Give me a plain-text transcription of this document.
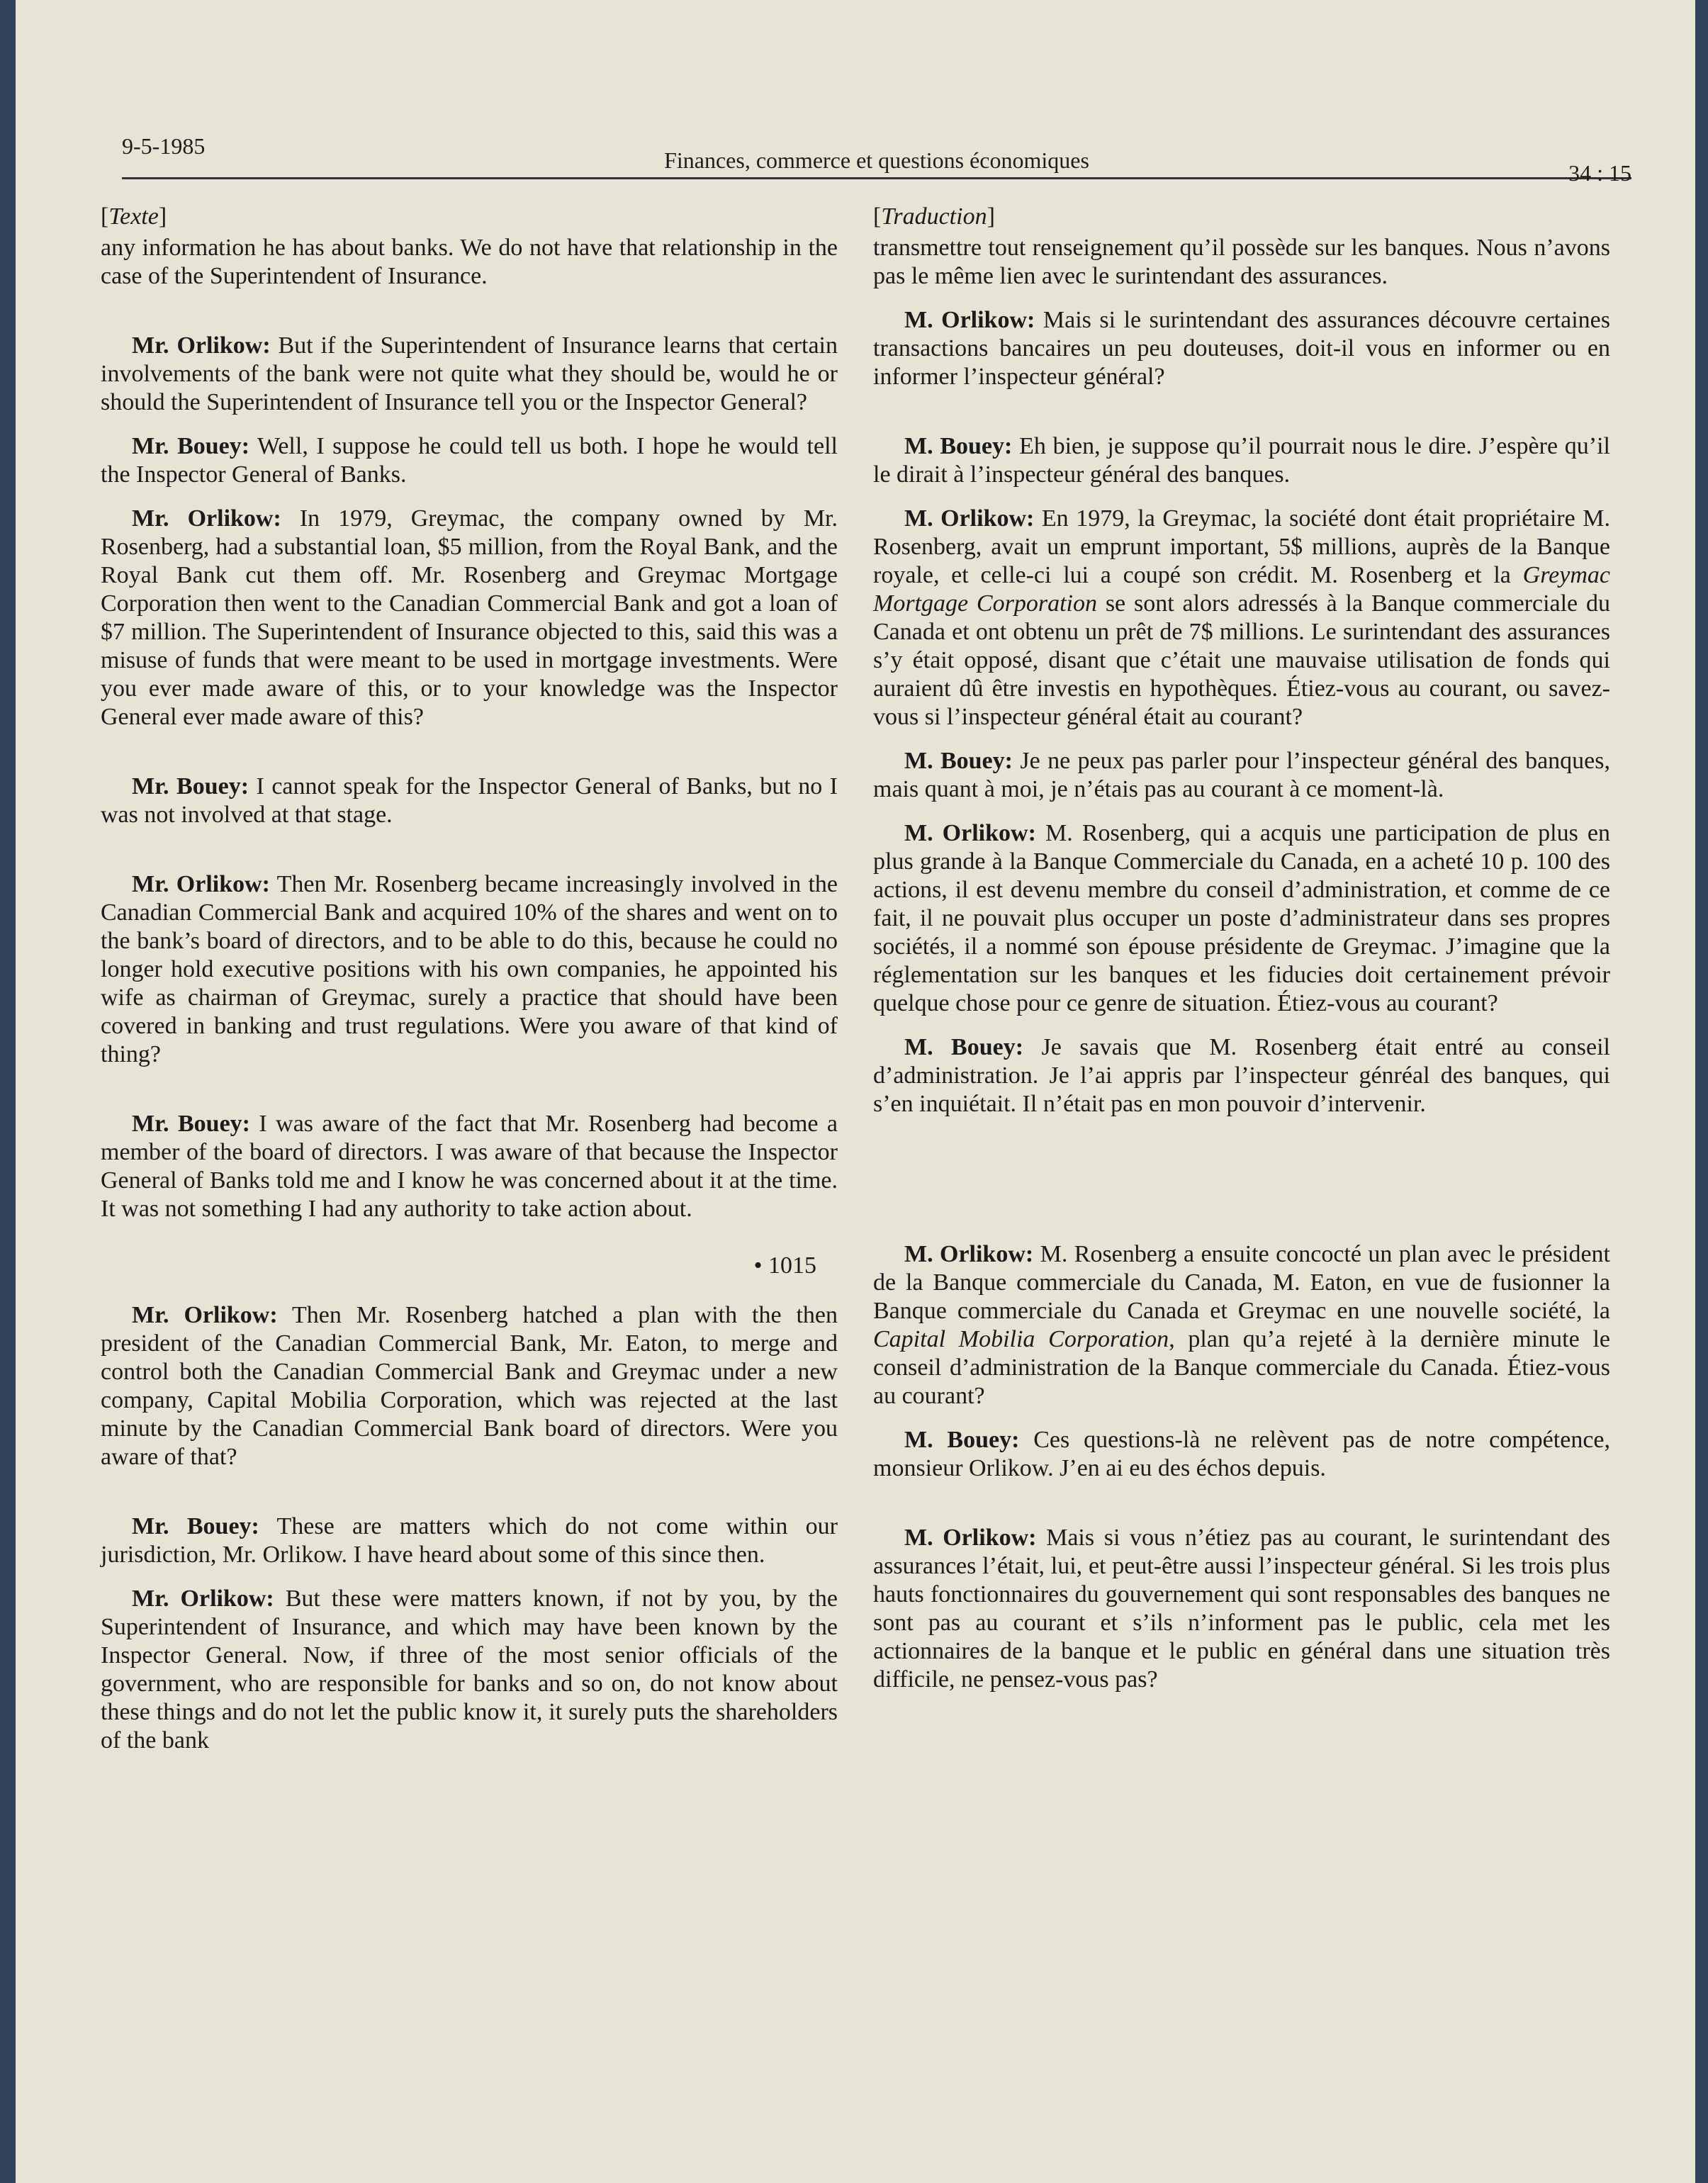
9-5-1985
Finances, commerce et questions économiques	34 : 15
[Texte]

any information he has about banks. We do not have that relationship in the case of the Superintendent of Insurance.

Mr. Orlikow: But if the Superintendent of Insurance learns that certain involvements of the bank were not quite what they should be, would he or should the Superintendent of Insurance tell you or the Inspector General?

Mr. Bouey: Well, I suppose he could tell us both. I hope he would tell the Inspector General of Banks.

Mr. Orlikow: In 1979, Greymac, the company owned by Mr. Rosenberg, had a substantial loan, $5 million, from the Royal Bank, and the Royal Bank cut them off. Mr. Rosenberg and Greymac Mortgage Corporation then went to the Canadian Commercial Bank and got a loan of $7 million. The Superintendent of Insurance objected to this, said this was a misuse of funds that were meant to be used in mortgage investments. Were you ever made aware of this, or to your knowledge was the Inspector General ever made aware of this?

Mr. Bouey: I cannot speak for the Inspector General of Banks, but no I was not involved at that stage.

Mr. Orlikow: Then Mr. Rosenberg became increasingly involved in the Canadian Commercial Bank and acquired 10% of the shares and went on to the bank’s board of directors, and to be able to do this, because he could no longer hold executive positions with his own companies, he appointed his wife as chairman of Greymac, surely a practice that should have been covered in banking and trust regulations. Were you aware of that kind of thing?

Mr. Bouey: I was aware of the fact that Mr. Rosenberg had become a member of the board of directors. I was aware of that because the Inspector General of Banks told me and I know he was concerned about it at the time. It was not something I had any authority to take action about.

• 1015

Mr. Orlikow: Then Mr. Rosenberg hatched a plan with the then president of the Canadian Commercial Bank, Mr. Eaton, to merge and control both the Canadian Commercial Bank and Greymac under a new company, Capital Mobilia Corporation, which was rejected at the last minute by the Canadian Commercial Bank board of directors. Were you aware of that?

Mr. Bouey: These are matters which do not come within our jurisdiction, Mr. Orlikow. I have heard about some of this since then.

Mr. Orlikow: But these were matters known, if not by you, by the Superintendent of Insurance, and which may have been known by the Inspector General. Now, if three of the most senior officials of the government, who are responsible for banks and so on, do not know about these things and do not let the public know it, it surely puts the shareholders of the bank

[Traduction]

transmettre tout renseignement qu’il possède sur les banques. Nous n’avons pas le même lien avec le surintendant des assurances.

M. Orlikow: Mais si le surintendant des assurances découvre certaines transactions bancaires un peu douteuses, doit-il vous en informer ou en informer l’inspecteur général?

M. Bouey: Eh bien, je suppose qu’il pourrait nous le dire. J’espère qu’il le dirait à l’inspecteur général des banques.

M. Orlikow: En 1979, la Greymac, la société dont était propriétaire M. Rosenberg, avait un emprunt important, 5$ millions, auprès de la Banque royale, et celle-ci lui a coupé son crédit. M. Rosenberg et la Greymac Mortgage Corporation se sont alors adressés à la Banque commerciale du Canada et ont obtenu un prêt de 7$ millions. Le surintendant des assurances s’y était opposé, disant que c’était une mauvaise utilisation de fonds qui auraient dû être investis en hypothèques. Étiez-vous au courant, ou savez-vous si l’inspecteur général était au courant?

M. Bouey: Je ne peux pas parler pour l’inspecteur général des banques, mais quant à moi, je n’étais pas au courant à ce moment-là.

M. Orlikow: M. Rosenberg, qui a acquis une participation de plus en plus grande à la Banque Commerciale du Canada, en a acheté 10 p. 100 des actions, il est devenu membre du conseil d’administration, et comme de ce fait, il ne pouvait plus occuper un poste d’administrateur dans ses propres sociétés, il a nommé son épouse présidente de Greymac. J’imagine que la réglementation sur les banques et les fiducies doit certainement prévoir quelque chose pour ce genre de situation. Étiez-vous au courant?

M. Bouey: Je savais que M. Rosenberg était entré au conseil d’administration. Je l’ai appris par l’inspecteur génréal des banques, qui s’en inquiétait. Il n’était pas en mon pouvoir d’intervenir.

M. Orlikow: M. Rosenberg a ensuite concocté un plan avec le président de la Banque commerciale du Canada, M. Eaton, en vue de fusionner la Banque commerciale du Canada et Greymac en une nouvelle société, la Capital Mobilia Corporation, plan qu’a rejeté à la dernière minute le conseil d’administration de la Banque commerciale du Canada. Étiez-vous au courant?

M. Bouey: Ces questions-là ne relèvent pas de notre compétence, monsieur Orlikow. J’en ai eu des échos depuis.

M. Orlikow: Mais si vous n’étiez pas au courant, le surintendant des assurances l’était, lui, et peut-être aussi l’inspecteur général. Si les trois plus hauts fonctionnaires du gouvernement qui sont responsables des banques ne sont pas au courant et s’ils n’informent pas le public, cela met les actionnaires de la banque et le public en général dans une situation très difficile, ne pensez-vous pas?
